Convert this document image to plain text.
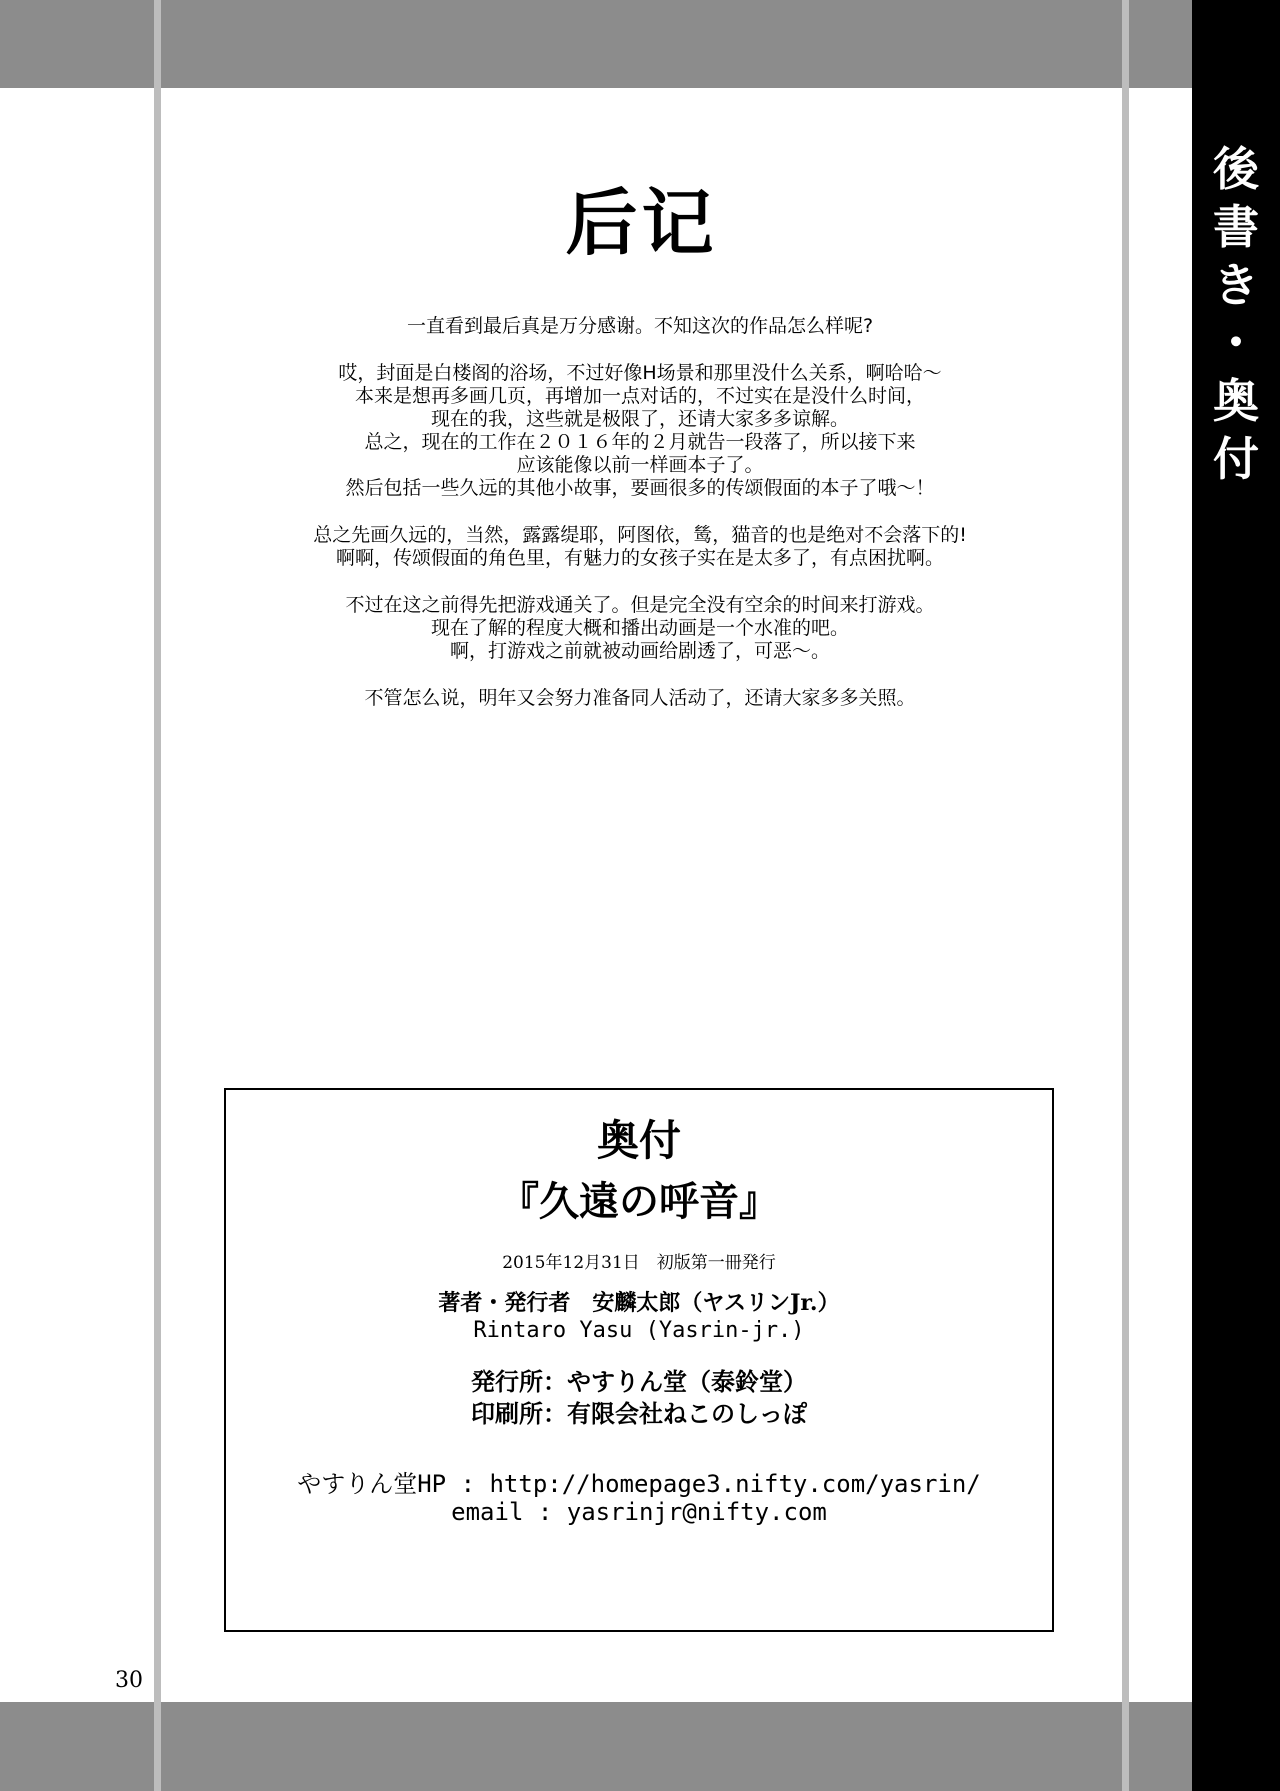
後
書
き
・
奥
付
后记

一直看到最后真是万分感谢。不知这次的作品怎么样呢?

哎，封面是白楼阁的浴场，不过好像H场景和那里没什么关系，啊哈哈～
本来是想再多画几页，再增加一点对话的，不过实在是没什么时间，
现在的我，这些就是极限了，还请大家多多谅解。
总之，现在的工作在２０１６年的２月就告一段落了，所以接下来
应该能像以前一样画本子了。
然后包括一些久远的其他小故事，要画很多的传颂假面的本子了哦～！

总之先画久远的，当然，露露缇耶，阿图依，鸶，猫音的也是绝对不会落下的!
啊啊，传颂假面的角色里，有魅力的女孩子实在是太多了，有点困扰啊。

不过在这之前得先把游戏通关了。但是完全没有空余的时间来打游戏。
现在了解的程度大概和播出动画是一个水准的吧。
啊，打游戏之前就被动画给剧透了，可恶～。

不管怎么说，明年又会努力准备同人活动了，还请大家多多关照。

奥付
『久遠の呼音』
2015年12月31日　初版第一冊発行
著者・発行者　安麟太郎（ヤスリンJr.）
Rintaro Yasu (Yasrin-jr.)
発行所：やすりん堂（泰鈴堂）
印刷所：有限会社ねこのしっぽ
やすりん堂HP : http://homepage3.nifty.com/yasrin/
email : yasrinjr@nifty.com
30
